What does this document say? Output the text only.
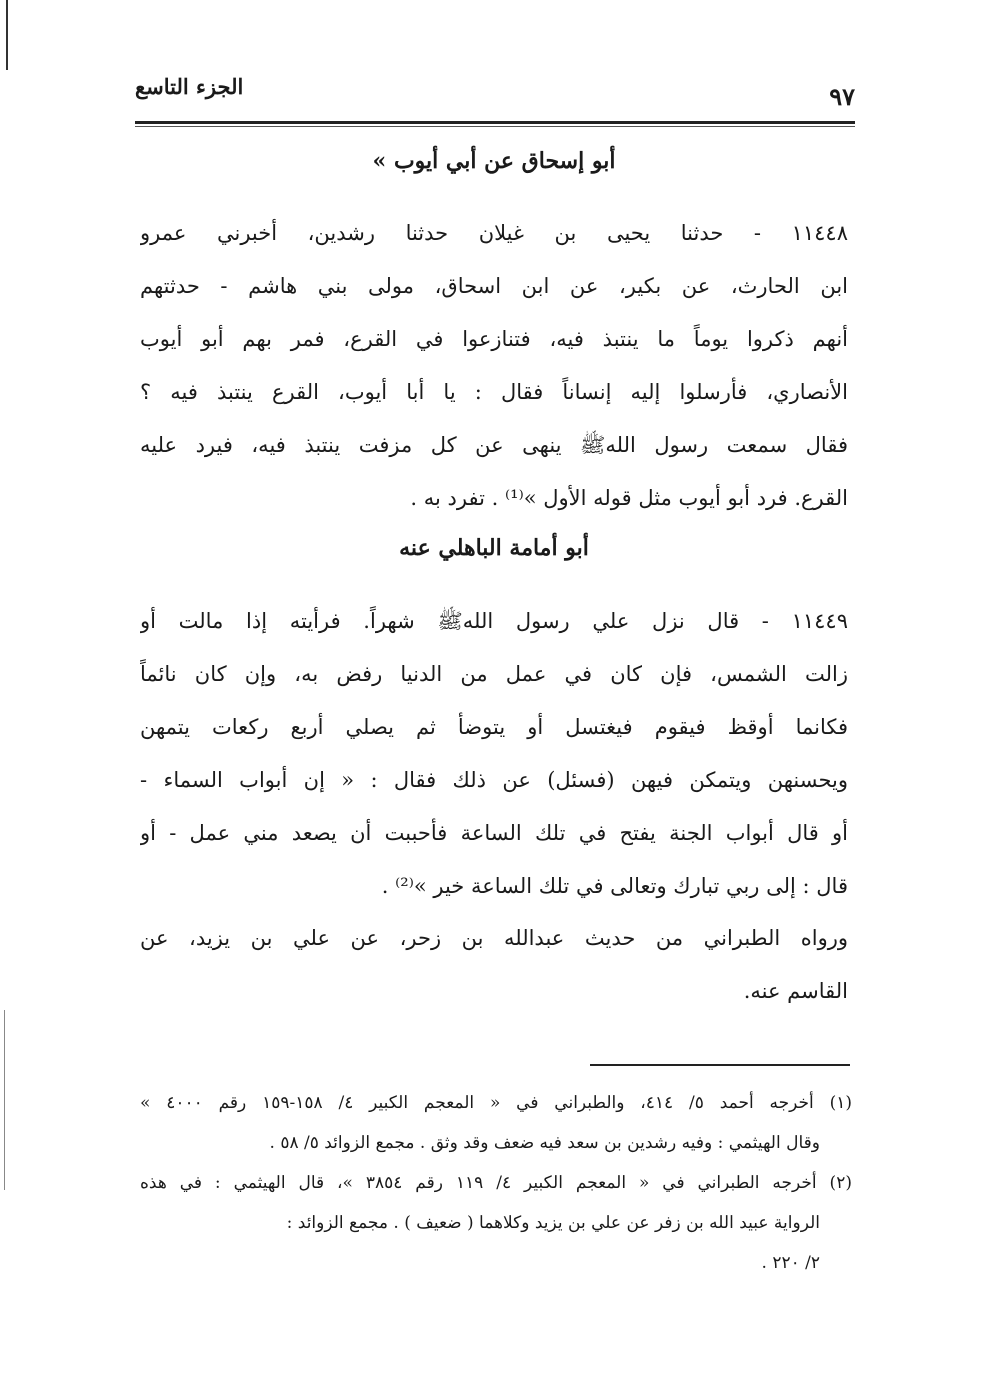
الجزء التاسع	٩٧
أبو إسحاق عن أبي أيوب »
١١٤٤٨ - حدثنا يحيى بن غيلان حدثنا رشدين، أخبرني عمرو
ابن الحارث، عن بكير، عن ابن اسحاق، مولى بني هاشم - حدثتهم
أنهم ذكروا يوماً ما ينتبذ فيه، فتنازعوا في القرع، فمر بهم أبو أيوب
الأنصاري، فأرسلوا إليه إنساناً فقال : يا أبا أيوب، القرع ينتبذ فيه ؟
فقال سمعت رسول اللهﷺ ينهى عن كل مزفت ينتبذ فيه، فيرد عليه
القرع. فرد أبو أيوب مثل قوله الأول »⁽¹⁾ . تفرد به .
أبو أمامة الباهلي عنه
١١٤٤٩ - قال نزل علي رسول اللهﷺ شهراً. فرأيته إذا مالت أو
زالت الشمس، فإن كان في عمل من الدنيا رفض به، وإن كان نائماً
فكانما أوقظ فيقوم فيغتسل أو يتوضأ ثم يصلي أربع ركعات يتمهن
ويحسنهن ويتمكن فيهن (فسئل) عن ذلك فقال : « إن أبواب السماء -
أو قال أبواب الجنة يفتح في تلك الساعة فأحببت أن يصعد مني عمل - أو
قال : إلى ربي تبارك وتعالى في تلك الساعة خير »⁽²⁾ .
ورواه الطبراني من حديث عبدالله بن زحر، عن علي بن يزيد، عن
القاسم عنه.
(١) أخرجه أحمد ٥/ ٤١٤، والطبراني في « المعجم الكبير ٤/ ١٥٨-١٥٩ رقم ٤٠٠٠ »
وقال الهيثمي : وفيه رشدين بن سعد فيه ضعف وقد وثق . مجمع الزوائد ٥/ ٥٨ .
(٢) أخرجه الطبراني في « المعجم الكبير ٤/ ١١٩ رقم ٣٨٥٤ »، قال الهيثمي : في هذه
الرواية عبيد الله بن زفر عن علي بن يزيد وكلاهما ( ضعيف ) . مجمع الزوائد :
٢/ ٢٢٠ .
